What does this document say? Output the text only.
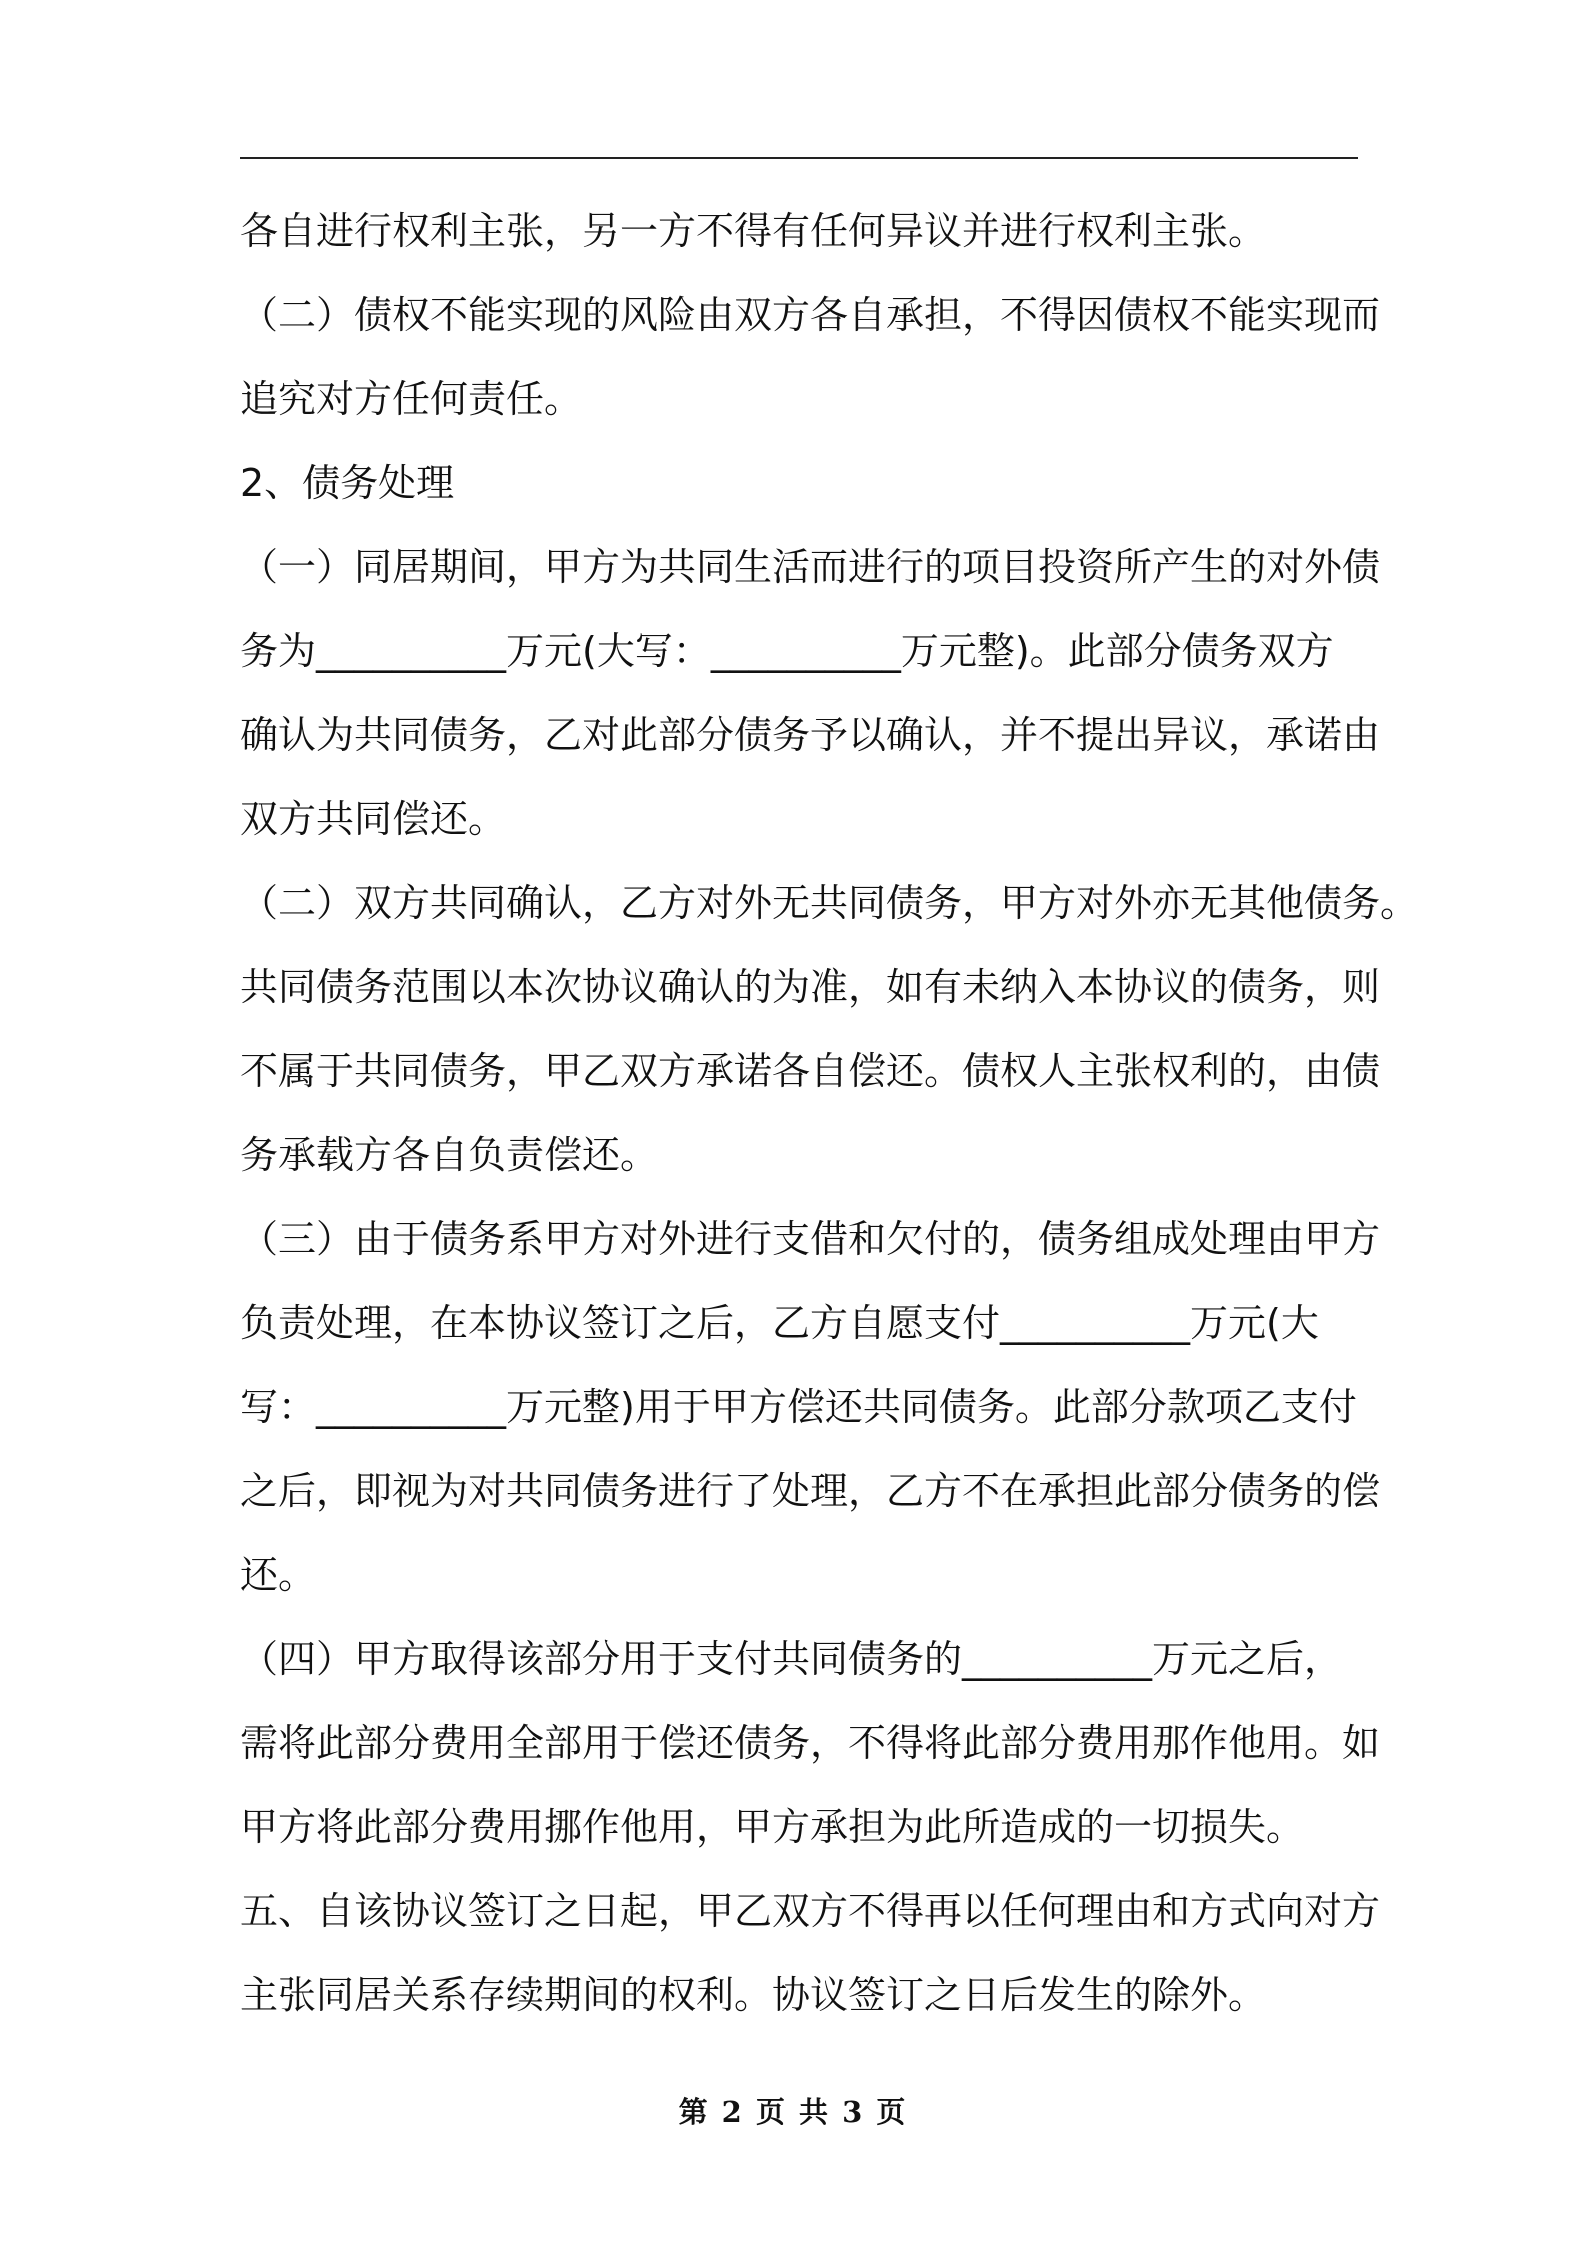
各自进行权利主张，另一方不得有任何异议并进行权利主张。
（二）债权不能实现的风险由双方各自承担，不得因债权不能实现而
追究对方任何责任。
2、债务处理
（一）同居期间，甲方为共同生活而进行的项目投资所产生的对外债
务为__________万元(大写：__________万元整)。此部分债务双方
确认为共同债务，乙对此部分债务予以确认，并不提出异议，承诺由
双方共同偿还。
（二）双方共同确认，乙方对外无共同债务，甲方对外亦无其他债务。
共同债务范围以本次协议确认的为准，如有未纳入本协议的债务，则
不属于共同债务，甲乙双方承诺各自偿还。债权人主张权利的，由债
务承载方各自负责偿还。
（三）由于债务系甲方对外进行支借和欠付的，债务组成处理由甲方
负责处理，在本协议签订之后，乙方自愿支付__________万元(大
写：__________万元整)用于甲方偿还共同债务。此部分款项乙支付
之后，即视为对共同债务进行了处理，乙方不在承担此部分债务的偿
还。
（四）甲方取得该部分用于支付共同债务的__________万元之后，
需将此部分费用全部用于偿还债务，不得将此部分费用那作他用。如
甲方将此部分费用挪作他用，甲方承担为此所造成的一切损失。
五、自该协议签订之日起，甲乙双方不得再以任何理由和方式向对方
主张同居关系存续期间的权利。协议签订之日后发生的除外。
第 2 页 共 3 页
